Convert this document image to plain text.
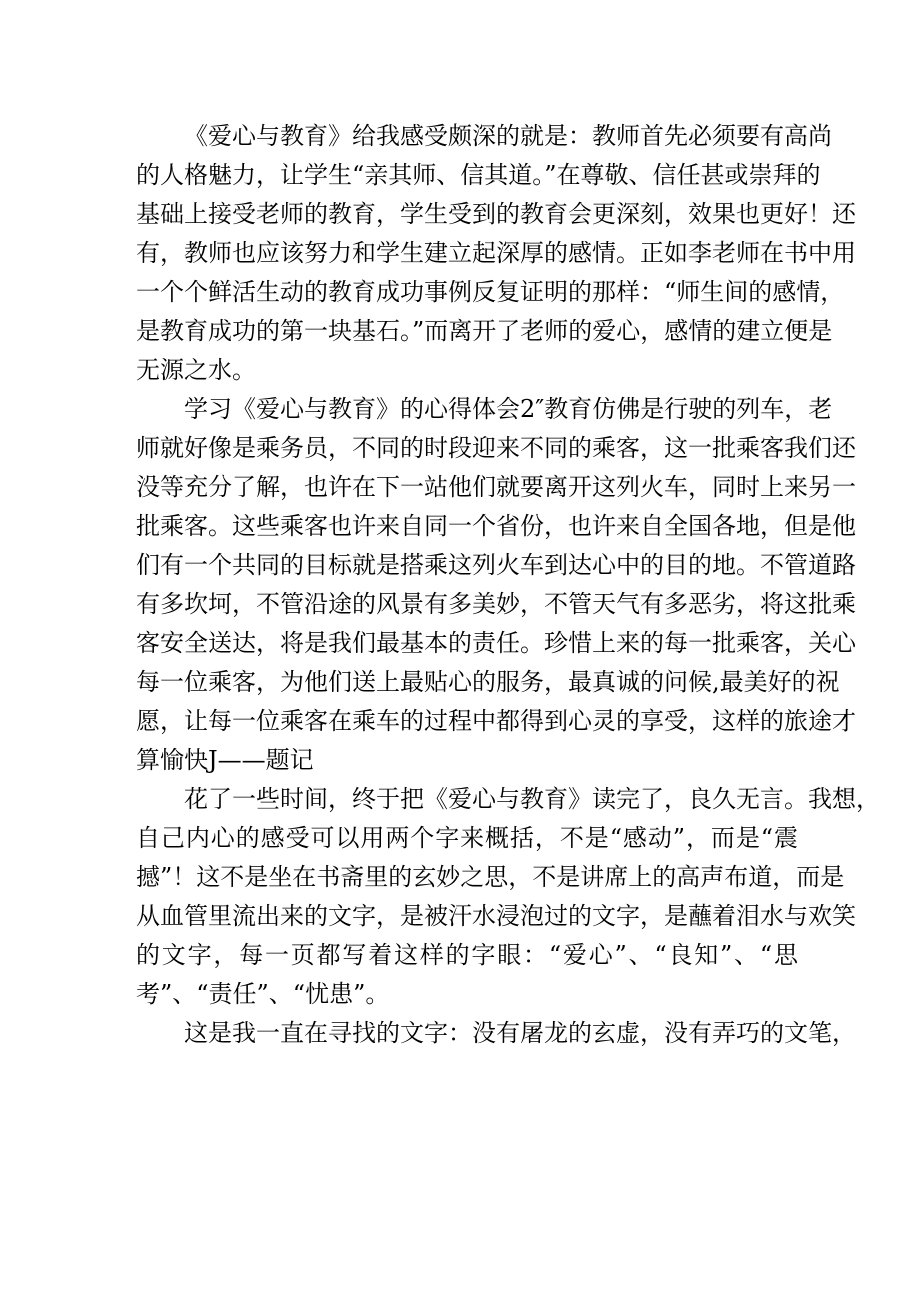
《爱心与教育》给我感受颇深的就是：教师首先必须要有高尚
的人格魅力，让学生“亲其师、信其道。”在尊敬、信任甚或崇拜的
基础上接受老师的教育，学生受到的教育会更深刻，效果也更好！还
有，教师也应该努力和学生建立起深厚的感情。正如李老师在书中用
一个个鲜活生动的教育成功事例反复证明的那样：“师生间的感情，
是教育成功的第一块基石。”而离开了老师的爱心，感情的建立便是
无源之水。
学习《爱心与教育》的心得体会2″教育仿佛是行驶的列车，老
师就好像是乘务员，不同的时段迎来不同的乘客，这一批乘客我们还
没等充分了解，也许在下一站他们就要离开这列火车，同时上来另一
批乘客。这些乘客也许来自同一个省份，也许来自全国各地，但是他
们有一个共同的目标就是搭乘这列火车到达心中的目的地。不管道路
有多坎坷，不管沿途的风景有多美妙，不管天气有多恶劣，将这批乘
客安全送达，将是我们最基本的责任。珍惜上来的每一批乘客，关心
每一位乘客，为他们送上最贴心的服务，最真诚的问候,最美好的祝
愿，让每一位乘客在乘车的过程中都得到心灵的享受，这样的旅途才
算愉快J——题记
花了一些时间，终于把《爱心与教育》读完了，良久无言。我想，
自己内心的感受可以用两个字来概括，不是“感动”，而是“震
撼”！这不是坐在书斋里的玄妙之思，不是讲席上的高声布道，而是
从血管里流出来的文字，是被汗水浸泡过的文字，是蘸着泪水与欢笑
的文字，每一页都写着这样的字眼：“爱心”、“良知”、“思
考”、“责任”、“忧患”。
这是我一直在寻找的文字：没有屠龙的玄虚，没有弄巧的文笔，
